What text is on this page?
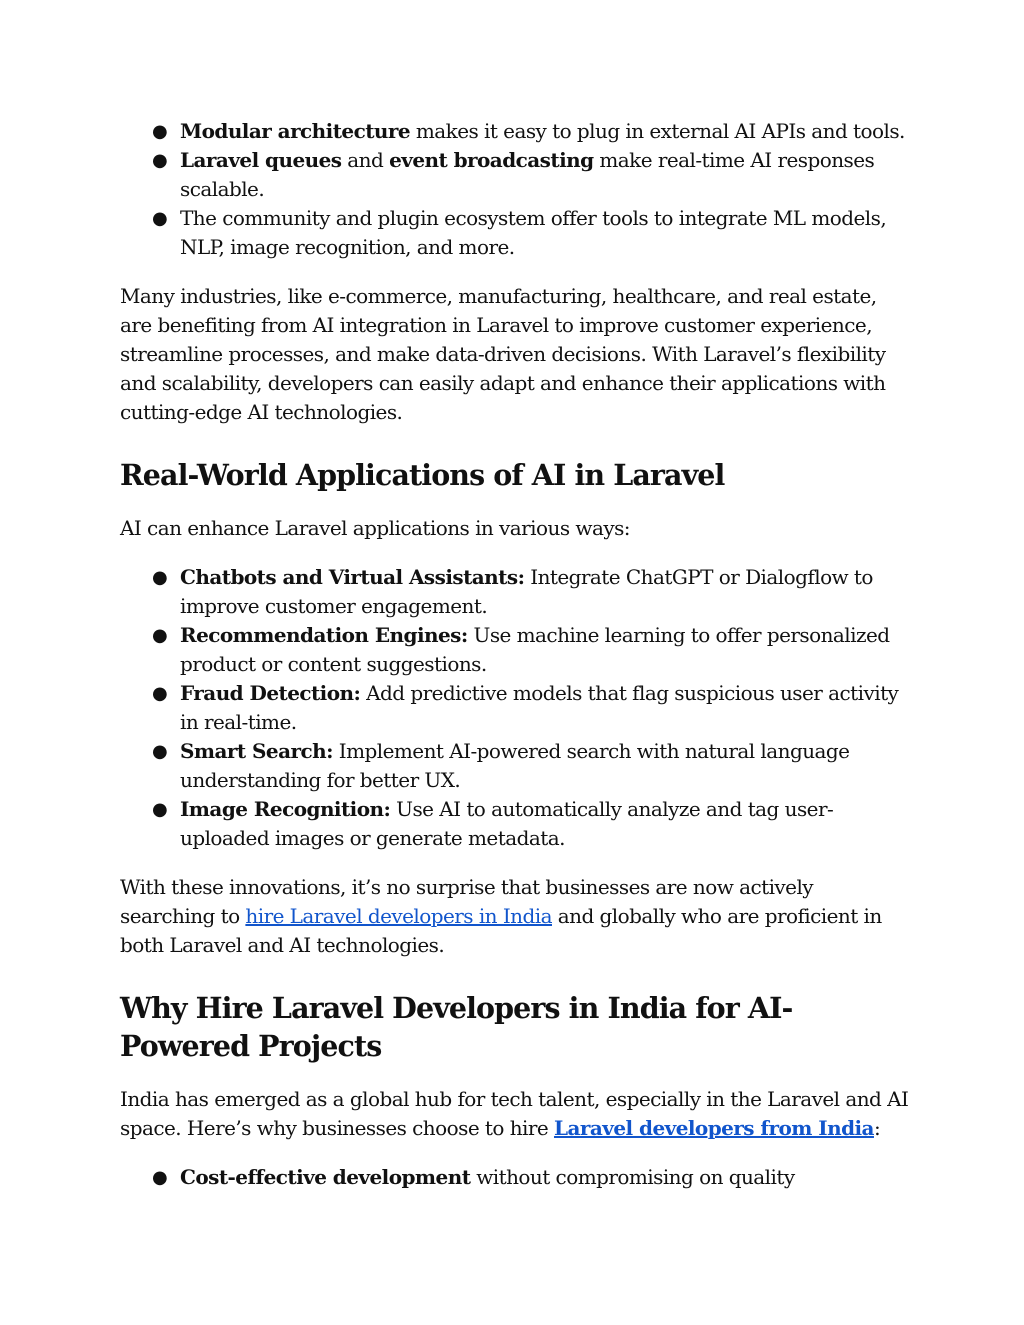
● Modular architecture makes it easy to plug in external AI APIs and tools.
● Laravel queues and event broadcasting make real-time AI responses scalable.
● The community and plugin ecosystem offer tools to integrate ML models, NLP, image recognition, and more.

Many industries, like e-commerce, manufacturing, healthcare, and real estate, are benefiting from AI integration in Laravel to improve customer experience, streamline processes, and make data-driven decisions. With Laravel’s flexibility and scalability, developers can easily adapt and enhance their applications with cutting-edge AI technologies.

Real-World Applications of AI in Laravel

AI can enhance Laravel applications in various ways:

● Chatbots and Virtual Assistants: Integrate ChatGPT or Dialogflow to improve customer engagement.
● Recommendation Engines: Use machine learning to offer personalized product or content suggestions.
● Fraud Detection: Add predictive models that flag suspicious user activity in real-time.
● Smart Search: Implement AI-powered search with natural language understanding for better UX.
● Image Recognition: Use AI to automatically analyze and tag user-uploaded images or generate metadata.

With these innovations, it’s no surprise that businesses are now actively searching to hire Laravel developers in India and globally who are proficient in both Laravel and AI technologies.

Why Hire Laravel Developers in India for AI-Powered Projects

India has emerged as a global hub for tech talent, especially in the Laravel and AI space. Here’s why businesses choose to hire Laravel developers from India:

● Cost-effective development without compromising on quality
